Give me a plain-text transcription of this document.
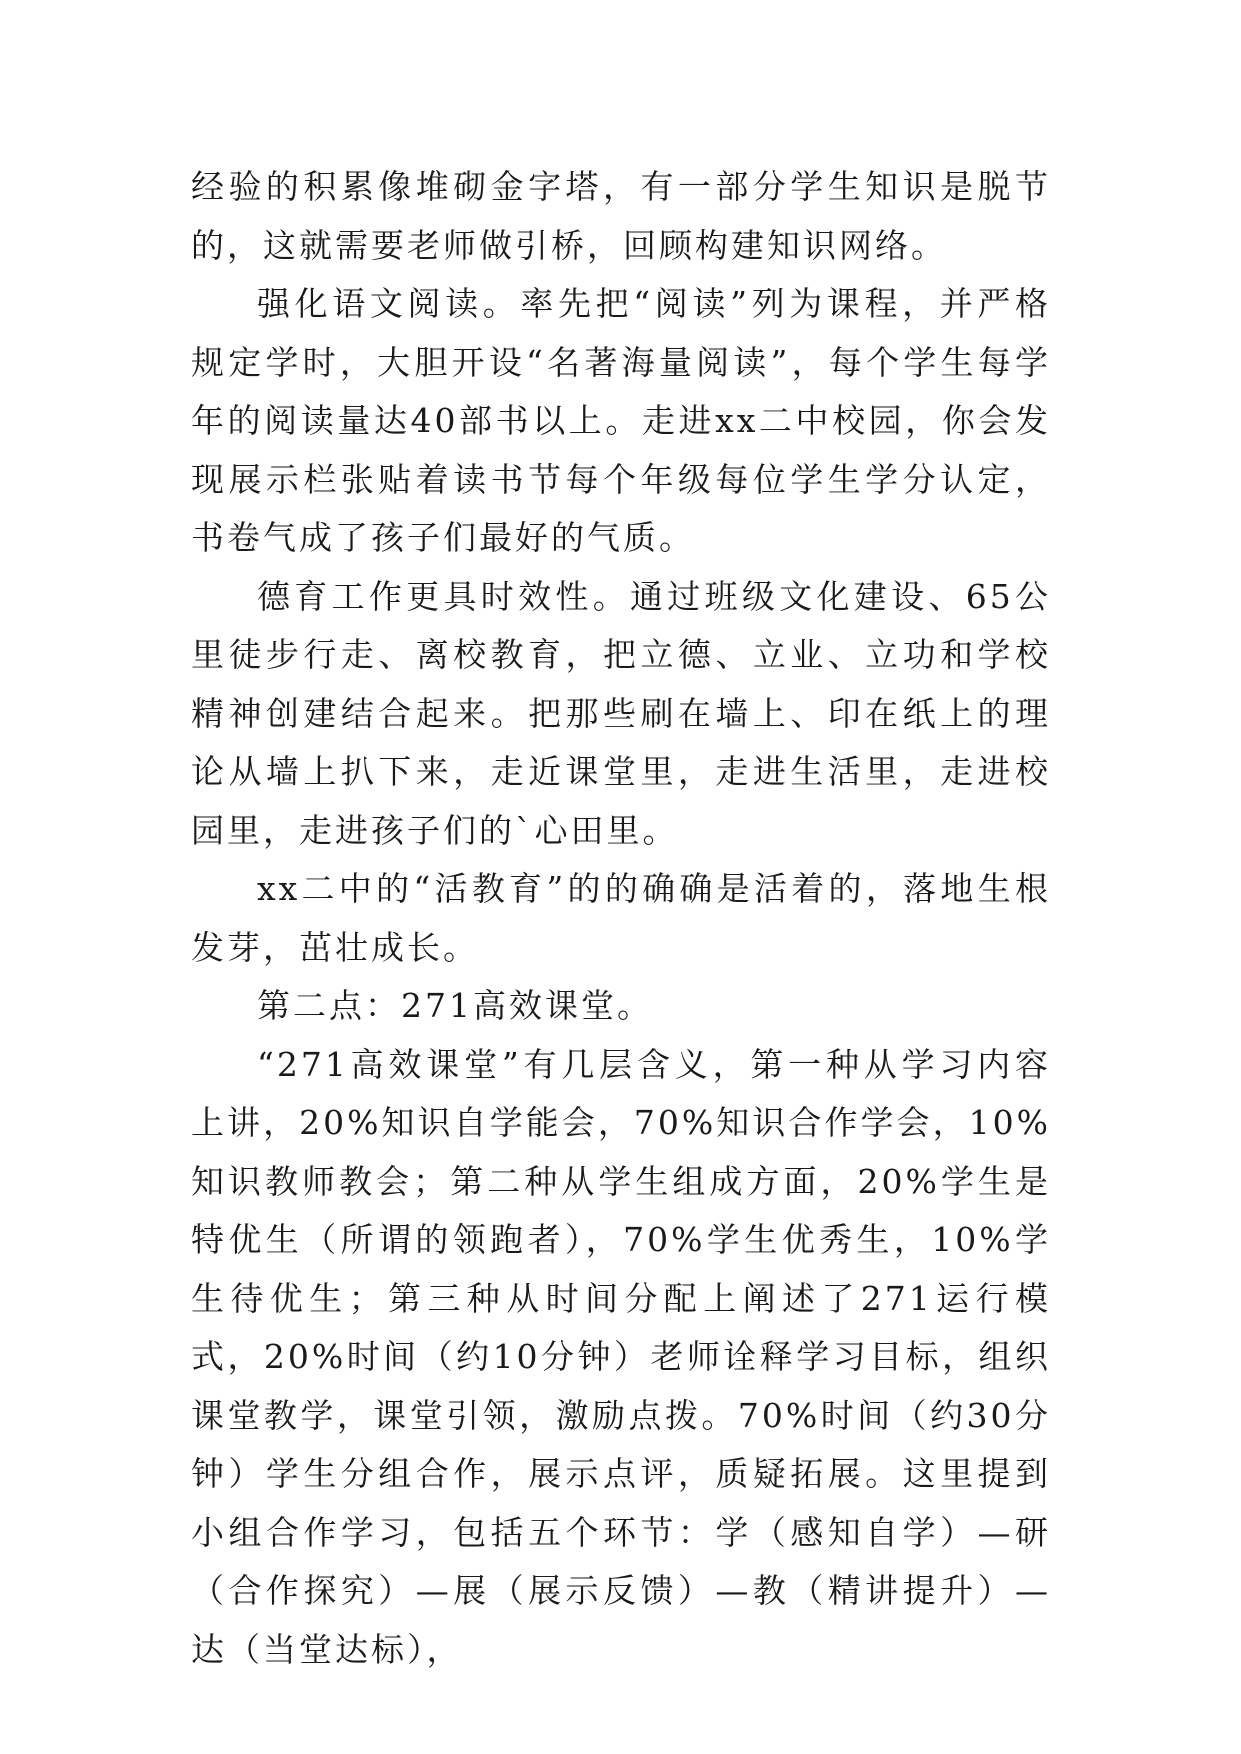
经验的积累像堆砌金字塔，有一部分学生知识是脱节的，这就需要老师做引桥，回顾构建知识网络。

强化语文阅读。率先把“阅读”列为课程，并严格规定学时，大胆开设“名著海量阅读”，每个学生每学年的阅读量达40部书以上。走进xx二中校园，你会发现展示栏张贴着读书节每个年级每位学生学分认定，书卷气成了孩子们最好的气质。

德育工作更具时效性。通过班级文化建设、65公里徒步行走、离校教育，把立德、立业、立功和学校精神创建结合起来。把那些刷在墙上、印在纸上的理论从墙上扒下来，走近课堂里，走进生活里，走进校园里，走进孩子们的`心田里。

xx二中的“活教育”的的确确是活着的，落地生根发芽，茁壮成长。

第二点：271高效课堂。

“271高效课堂”有几层含义，第一种从学习内容上讲，20%知识自学能会，70%知识合作学会，10%知识教师教会；第二种从学生组成方面，20%学生是特优生（所谓的领跑者），70%学生优秀生，10%学生待优生；第三种从时间分配上阐述了271运行模式，20%时间（约10分钟）老师诠释学习目标，组织课堂教学，课堂引领，激励点拨。70%时间（约30分钟）学生分组合作，展示点评，质疑拓展。这里提到小组合作学习，包括五个环节：学（感知自学）—研（合作探究）—展（展示反馈）—教（精讲提升）—达（当堂达标），
